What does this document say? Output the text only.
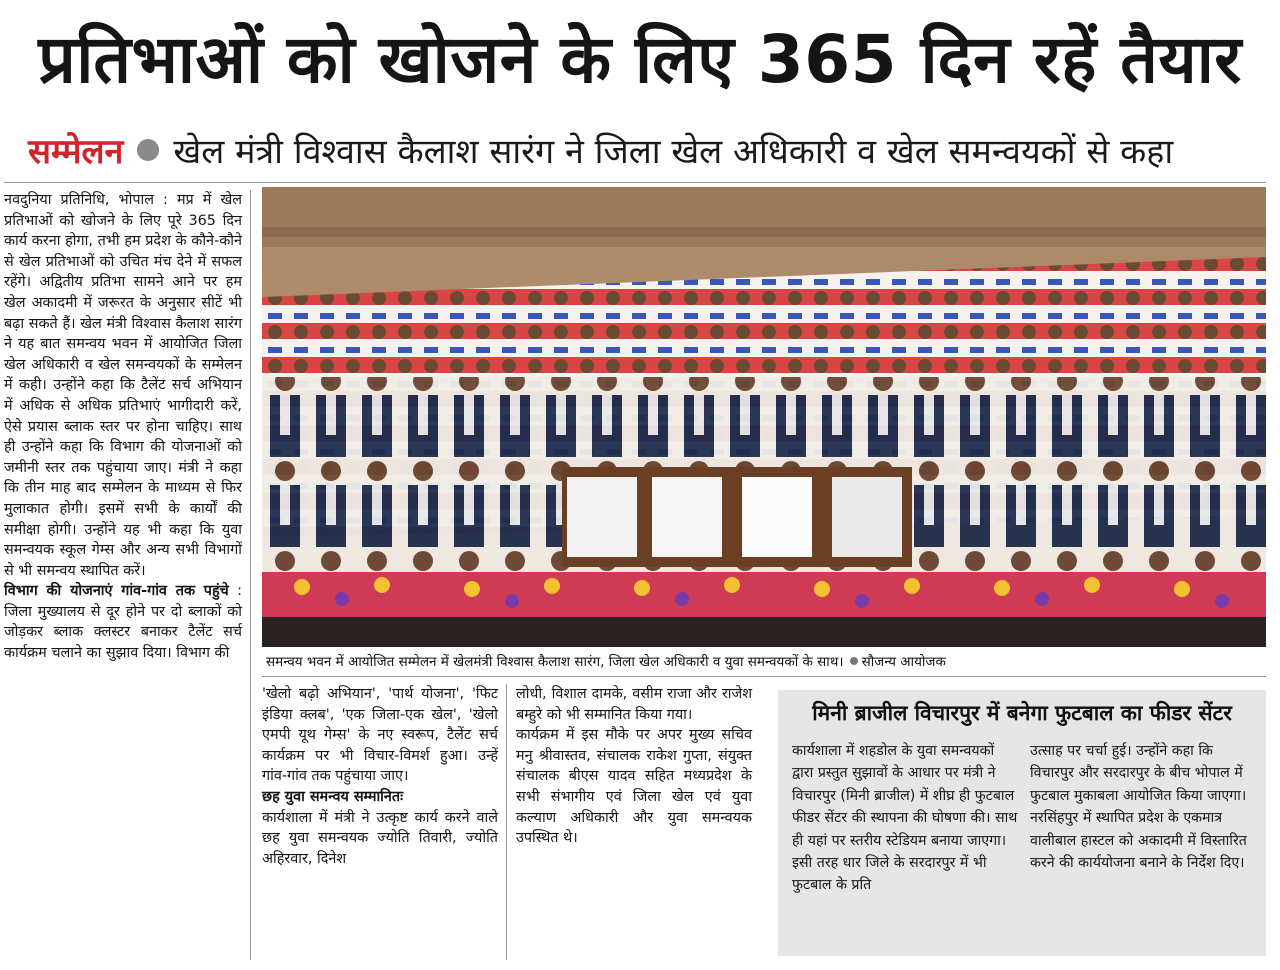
प्रतिभाओं को खोजने के लिए 365 दिन रहें तैयार
सम्मेलन खेल मंत्री विश्वास कैलाश सारंग ने जिला खेल अधिकारी व खेल समन्वयकों से कहा

नवदुनिया प्रतिनिधि, भोपाल : मप्र में खेल प्रतिभाओं को खोजने के लिए पूरे 365 दिन कार्य करना होगा, तभी हम प्रदेश के कौने-कौने से खेल प्रतिभाओं को उचित मंच देने में सफल रहेंगे। अद्वितीय प्रतिभा सामने आने पर हम खेल अकादमी में जरूरत के अनुसार सीटें भी बढ़ा सकते हैं। खेल मंत्री विश्वास कैलाश सारंग ने यह बात समन्वय भवन में आयोजित जिला खेल अधिकारी व खेल समन्वयकों के सम्मेलन में कही। उन्होंने कहा कि टैलेंट सर्च अभियान में अधिक से अधिक प्रतिभाएं भागीदारी करें, ऐसे प्रयास ब्लाक स्तर पर होना चाहिए। साथ ही उन्होंने कहा कि विभाग की योजनाओं को जमीनी स्तर तक पहुंचाया जाए। मंत्री ने कहा कि तीन माह बाद सम्मेलन के माध्यम से फिर मुलाकात होगी। इसमें सभी के कार्यों की समीक्षा होगी। उन्होंने यह भी कहा कि युवा समन्वयक स्कूल गेम्स और अन्य सभी विभागों से भी समन्वय स्थापित करें।

विभाग की योजनाएं गांव-गांव तक पहुंचे : जिला मुख्यालय से दूर होने पर दो ब्लाकों को जोड़कर ब्लाक क्लस्टर बनाकर टैलेंट सर्च कार्यक्रम चलाने का सुझाव दिया। विभाग की

समन्वय भवन में आयोजित सम्मेलन में खेलमंत्री विश्वास कैलाश सारंग, जिला खेल अधिकारी व युवा समन्वयकों के साथ। सौजन्य आयोजक

'खेलो बढ़ो अभियान', 'पार्थ योजना', 'फिट इंडिया क्लब', 'एक जिला-एक खेल', 'खेलो एमपी यूथ गेम्स' के नए स्वरूप, टैलेंट सर्च कार्यक्रम पर भी विचार-विमर्श हुआ। उन्हें गांव-गांव तक पहुंचाया जाए।

छह युवा समन्वय सम्मानितः

कार्यशाला में मंत्री ने उत्कृष्ट कार्य करने वाले छह युवा समन्वयक ज्योति तिवारी, ज्योति अहिरवार, दिनेश

लोधी, विशाल दामके, वसीम राजा और राजेश बम्हुरे को भी सम्मानित किया गया।

कार्यक्रम में इस मौके पर अपर मुख्य सचिव मनु श्रीवास्तव, संचालक राकेश गुप्ता, संयुक्त संचालक बीएस यादव सहित मध्यप्रदेश के सभी संभागीय एवं जिला खेल एवं युवा कल्याण अधिकारी और युवा समन्वयक उपस्थित थे।

मिनी ब्राजील विचारपुर में बनेगा फुटबाल का फीडर सेंटर

कार्यशाला में शहडोल के युवा समन्वयकों द्वारा प्रस्तुत सुझावों के आधार पर मंत्री ने विचारपुर (मिनी ब्राजील) में शीघ्र ही फुटबाल फीडर सेंटर की स्थापना की घोषणा की। साथ ही यहां पर स्तरीय स्टेडियम बनाया जाएगा। इसी तरह धार जिले के सरदारपुर में भी फुटबाल के प्रति

उत्साह पर चर्चा हुई। उन्होंने कहा कि विचारपुर और सरदारपुर के बीच भोपाल में फुटबाल मुकाबला आयोजित किया जाएगा। नरसिंहपुर में स्थापित प्रदेश के एकमात्र वालीबाल हास्टल को अकादमी में विस्तारित करने की कार्ययोजना बनाने के निर्देश दिए।
